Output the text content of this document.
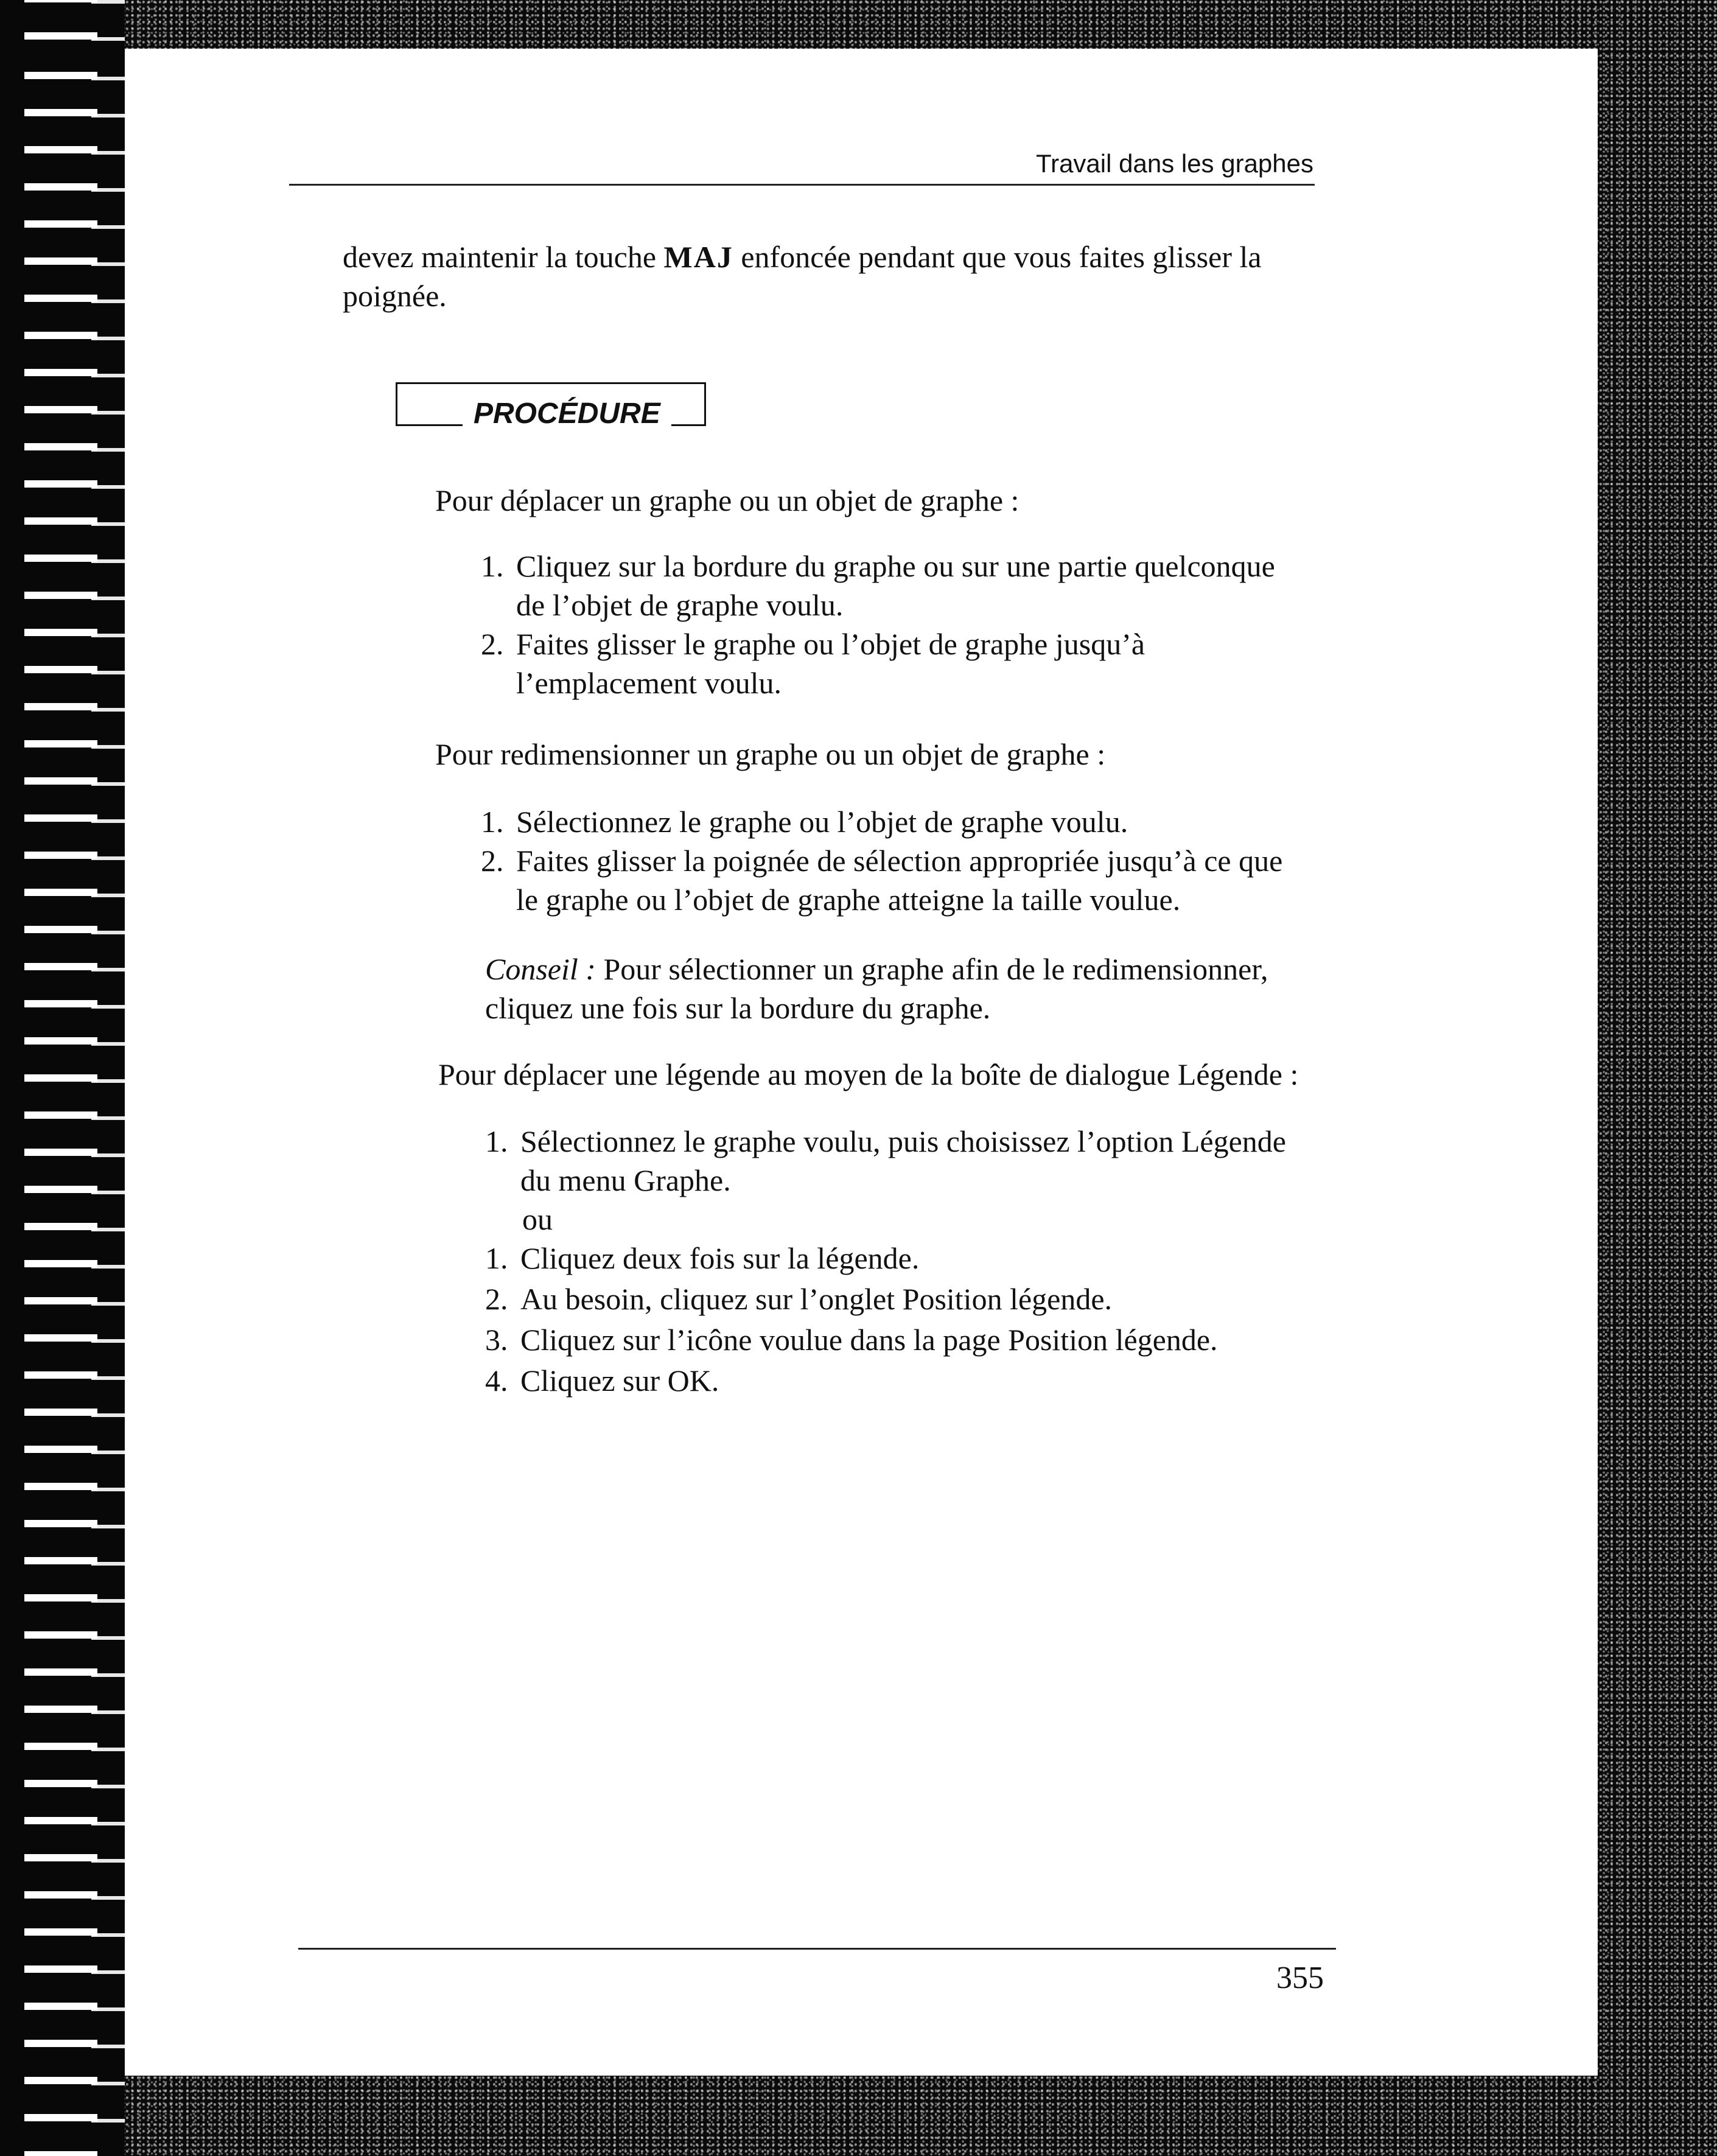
Travail dans les graphes
devez maintenir la touche MAJ enfoncée pendant que vous faites glisser la
poignée.
PROCÉDURE
Pour déplacer un graphe ou un objet de graphe :
1. Cliquez sur la bordure du graphe ou sur une partie quelconque
de l’objet de graphe voulu.
2. Faites glisser le graphe ou l’objet de graphe jusqu’à
l’emplacement voulu.
Pour redimensionner un graphe ou un objet de graphe :
1. Sélectionnez le graphe ou l’objet de graphe voulu.
2. Faites glisser la poignée de sélection appropriée jusqu’à ce que
le graphe ou l’objet de graphe atteigne la taille voulue.
Conseil : Pour sélectionner un graphe afin de le redimensionner,
cliquez une fois sur la bordure du graphe.
Pour déplacer une légende au moyen de la boîte de dialogue Légende :
1. Sélectionnez le graphe voulu, puis choisissez l’option Légende
du menu Graphe.
ou
1. Cliquez deux fois sur la légende.
2. Au besoin, cliquez sur l’onglet Position légende.
3. Cliquez sur l’icône voulue dans la page Position légende.
4. Cliquez sur OK.
355
